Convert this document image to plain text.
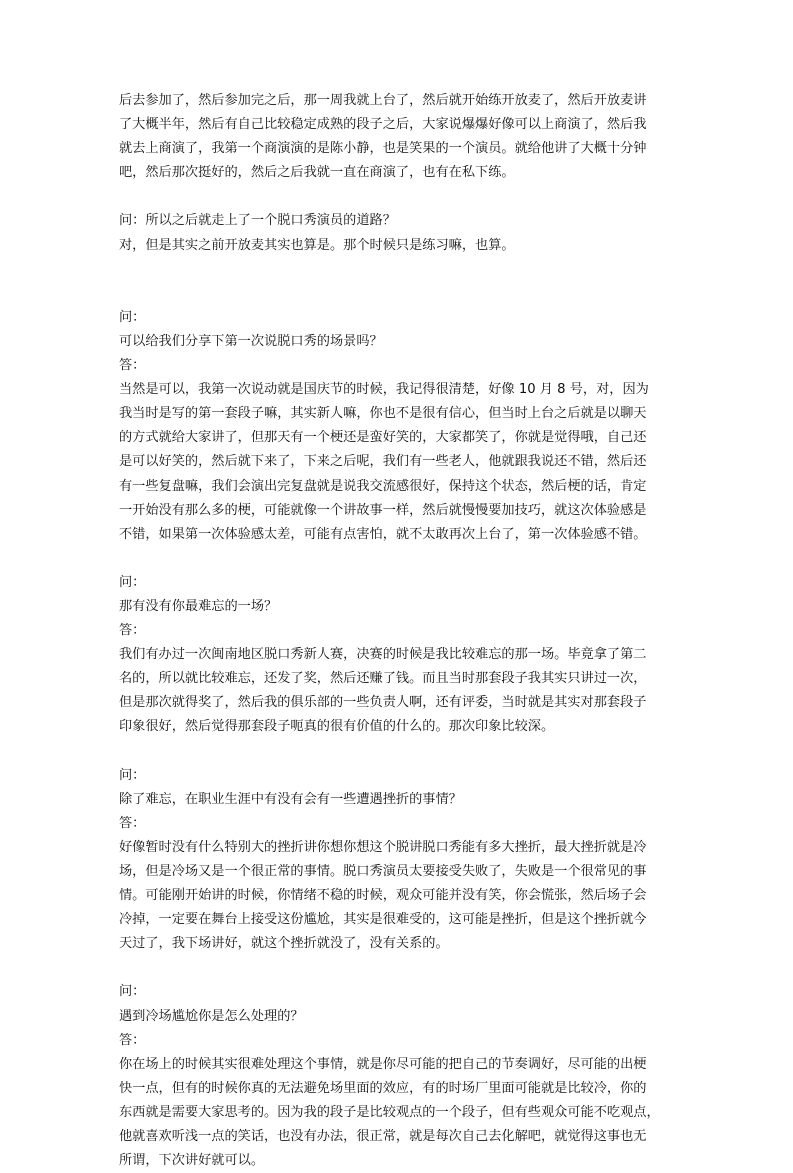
后去参加了，然后参加完之后，那一周我就上台了，然后就开始练开放麦了，然后开放麦讲
了大概半年，然后有自己比较稳定成熟的段子之后，大家说爆爆好像可以上商演了，然后我
就去上商演了，我第一个商演演的是陈小静，也是笑果的一个演员。就给他讲了大概十分钟
吧，然后那次挺好的，然后之后我就一直在商演了，也有在私下练。

问：所以之后就走上了一个脱口秀演员的道路？
对，但是其实之前开放麦其实也算是。那个时候只是练习嘛，也算。

问：
可以给我们分享下第一次说脱口秀的场景吗？
答：
当然是可以，我第一次说动就是国庆节的时候，我记得很清楚，好像 10 月 8 号，对，因为
我当时是写的第一套段子嘛，其实新人嘛，你也不是很有信心，但当时上台之后就是以聊天
的方式就给大家讲了，但那天有一个梗还是蛮好笑的，大家都笑了，你就是觉得哦，自己还
是可以好笑的，然后就下来了，下来之后呢，我们有一些老人，他就跟我说还不错，然后还
有一些复盘嘛，我们会演出完复盘就是说我交流感很好，保持这个状态，然后梗的话，肯定
一开始没有那么多的梗，可能就像一个讲故事一样，然后就慢慢要加技巧，就这次体验感是
不错，如果第一次体验感太差，可能有点害怕，就不太敢再次上台了，第一次体验感不错。

问：
那有没有你最难忘的一场？
答：
我们有办过一次闽南地区脱口秀新人赛，决赛的时候是我比较难忘的那一场。毕竟拿了第二
名的，所以就比较难忘，还发了奖，然后还赚了钱。而且当时那套段子我其实只讲过一次，
但是那次就得奖了，然后我的俱乐部的一些负责人啊，还有评委，当时就是其实对那套段子
印象很好，然后觉得那套段子呃真的很有价值的什么的。那次印象比较深。

问：
除了难忘，在职业生涯中有没有会有一些遭遇挫折的事情？
答：
好像暂时没有什么特别大的挫折讲你想你想这个脱讲脱口秀能有多大挫折，最大挫折就是冷
场，但是冷场又是一个很正常的事情。脱口秀演员太要接受失败了，失败是一个很常见的事
情。可能刚开始讲的时候，你情绪不稳的时候，观众可能并没有笑，你会慌张，然后场子会
冷掉，一定要在舞台上接受这份尴尬，其实是很难受的，这可能是挫折，但是这个挫折就今
天过了，我下场讲好，就这个挫折就没了，没有关系的。

问：
遇到冷场尴尬你是怎么处理的？
答：
你在场上的时候其实很难处理这个事情，就是你尽可能的把自己的节奏调好，尽可能的出梗
快一点，但有的时候你真的无法避免场里面的效应，有的时场厂里面可能就是比较冷，你的
东西就是需要大家思考的。因为我的段子是比较观点的一个段子，但有些观众可能不吃观点，
他就喜欢听浅一点的笑话，也没有办法，很正常，就是每次自己去化解吧，就觉得这事也无
所谓，下次讲好就可以。
